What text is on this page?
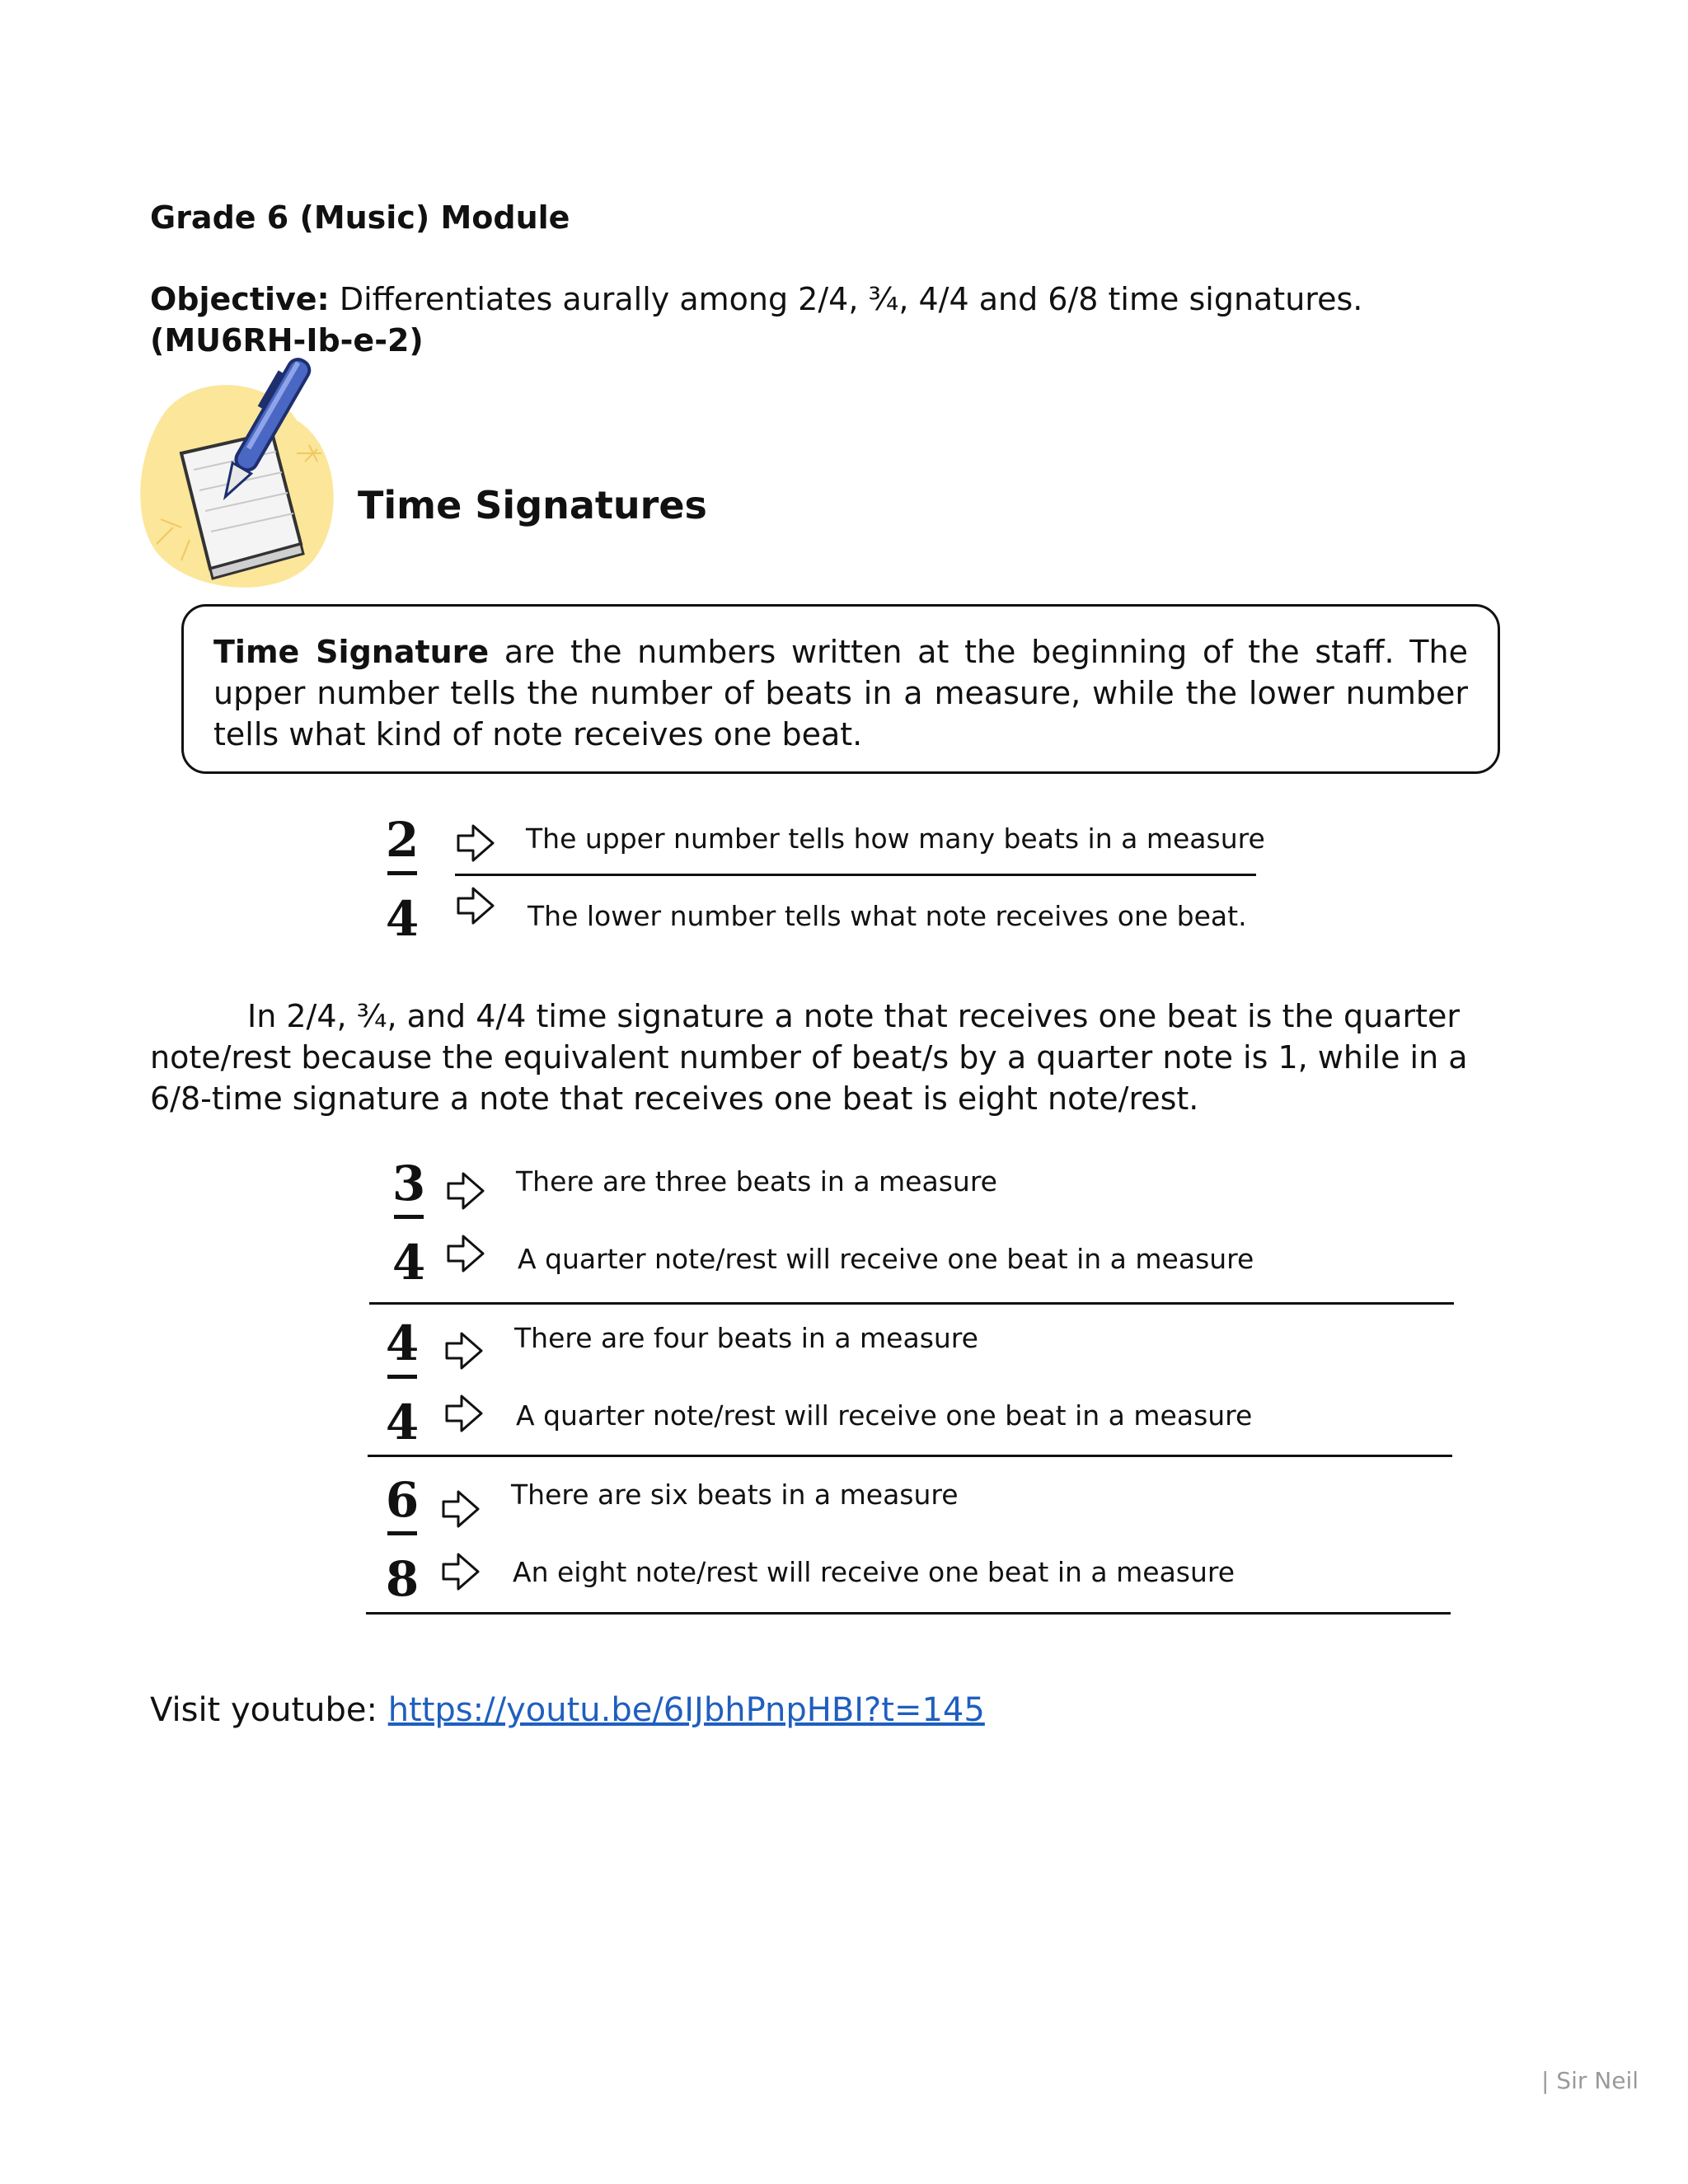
Grade 6 (Music) Module
Objective: Differentiates aurally among 2/4, ¾, 4/4 and 6/8 time signatures. (MU6RH-Ib-e-2)
Time Signatures
Time Signature are the numbers written at the beginning of the staff. The upper number tells the number of beats in a measure, while the lower number tells what kind of note receives one beat.
2
4
The upper number tells how many beats in a measure
The lower number tells what note receives one beat.
In 2/4, ¾, and 4/4 time signature a note that receives one beat is the quarter note/rest because the equivalent number of beat/s by a quarter note is 1, while in a 6/8-time signature a note that receives one beat is eight note/rest.
3
4
There are three beats in a measure
A quarter note/rest will receive one beat in a measure
4
4
There are four beats in a measure
A quarter note/rest will receive one beat in a measure
6
8
There are six beats in a measure
An eight note/rest will receive one beat in a measure
Visit youtube: https://youtu.be/6IJbhPnpHBI?t=145
| Sir Neil
